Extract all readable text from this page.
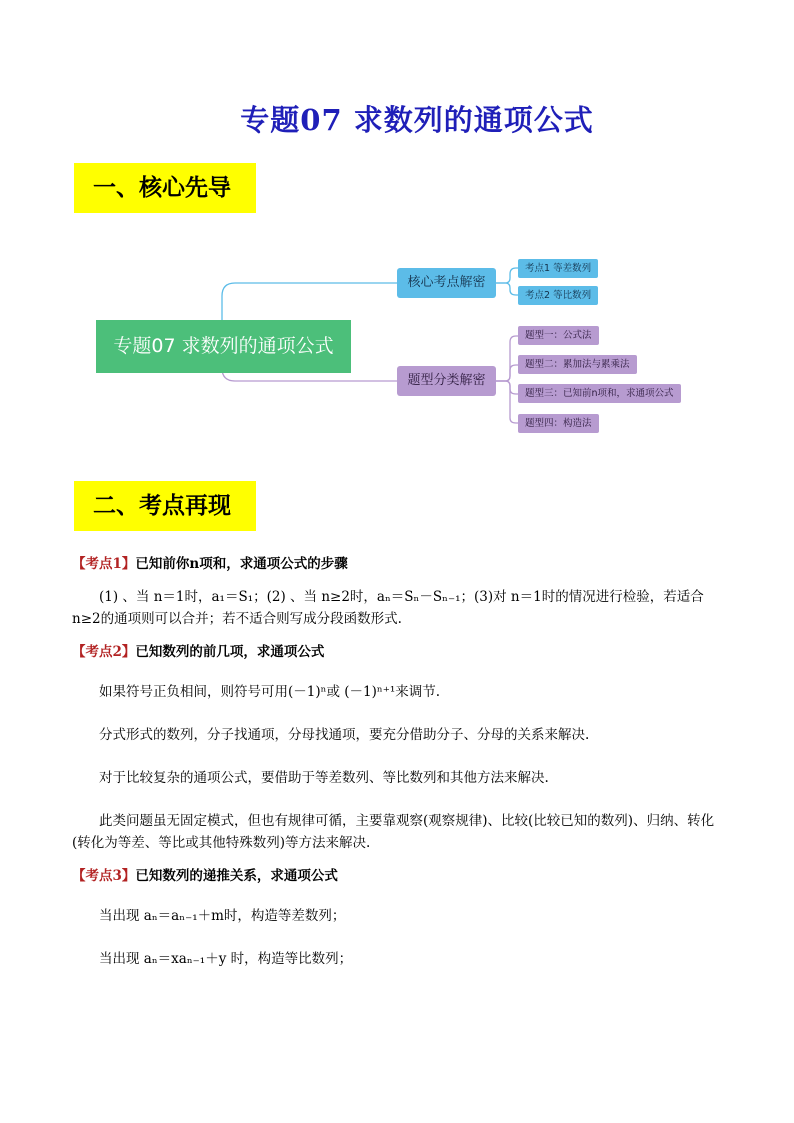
专题07 求数列的通项公式
一、核心先导
专题07 求数列的通项公式
核心考点解密
题型分类解密
考点1 等差数列
考点2 等比数列
题型一：公式法
题型二：累加法与累乘法
题型三：已知前n项和，求通项公式
题型四：构造法
二、考点再现

【考点1】已知前你n项和，求通项公式的步骤

(1) 、当 n＝1时，a₁＝S₁；(2) 、当 n≥2时，aₙ＝Sₙ－Sₙ₋₁；(3)对 n＝1时的情况进行检验，若适合 n≥2的通项则可以合并；若不适合则写成分段函数形式.

【考点2】已知数列的前几项，求通项公式

如果符号正负相间，则符号可用(－1)ⁿ或 (－1)ⁿ⁺¹来调节.

分式形式的数列，分子找通项，分母找通项，要充分借助分子、分母的关系来解决.

对于比较复杂的通项公式，要借助于等差数列、等比数列和其他方法来解决.

此类问题虽无固定模式，但也有规律可循，主要靠观察(观察规律)、比较(比较已知的数列)、归纳、转化(转化为等差、等比或其他特殊数列)等方法来解决.

【考点3】已知数列的递推关系，求通项公式

当出现 aₙ＝aₙ₋₁＋m时，构造等差数列；

当出现 aₙ＝xaₙ₋₁＋y 时，构造等比数列；
